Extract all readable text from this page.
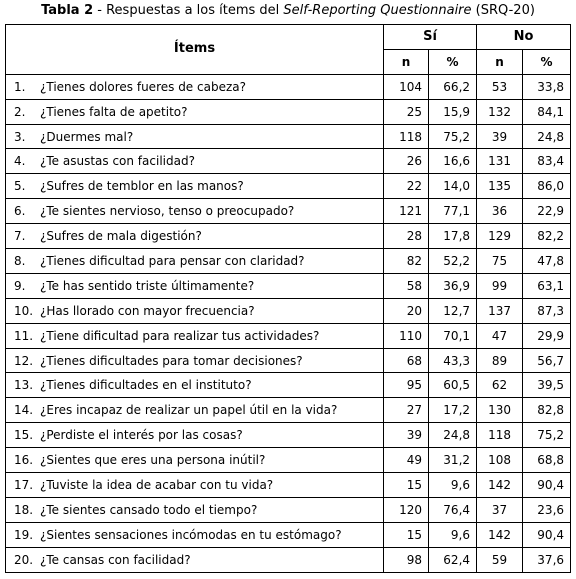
Tabla 2 - Respuestas a los ítems del Self-Reporting Questionnaire (SRQ-20)
Ítems	Sí		No	
	n	%	n	%
1. ¿Tienes dolores fueres de cabeza?	104	66,2	53	33,8
2. ¿Tienes falta de apetito?	25	15,9	132	84,1
3. ¿Duermes mal?	118	75,2	39	24,8
4. ¿Te asustas con facilidad?	26	16,6	131	83,4
5. ¿Sufres de temblor en las manos?	22	14,0	135	86,0
6. ¿Te sientes nervioso, tenso o preocupado?	121	77,1	36	22,9
7. ¿Sufres de mala digestión?	28	17,8	129	82,2
8. ¿Tienes dificultad para pensar con claridad?	82	52,2	75	47,8
9. ¿Te has sentido triste últimamente?	58	36,9	99	63,1
10. ¿Has llorado con mayor frecuencia?	20	12,7	137	87,3
11. ¿Tiene dificultad para realizar tus actividades?	110	70,1	47	29,9
12. ¿Tienes dificultades para tomar decisiones?	68	43,3	89	56,7
13. ¿Tienes dificultades en el instituto?	95	60,5	62	39,5
14. ¿Eres incapaz de realizar un papel útil en la vida?	27	17,2	130	82,8
15. ¿Perdiste el interés por las cosas?	39	24,8	118	75,2
16. ¿Sientes que eres una persona inútil?	49	31,2	108	68,8
17. ¿Tuviste la idea de acabar con tu vida?	15	9,6	142	90,4
18. ¿Te sientes cansado todo el tiempo?	120	76,4	37	23,6
19. ¿Sientes sensaciones incómodas en tu estómago?	15	9,6	142	90,4
20. ¿Te cansas con facilidad?	98	62,4	59	37,6
